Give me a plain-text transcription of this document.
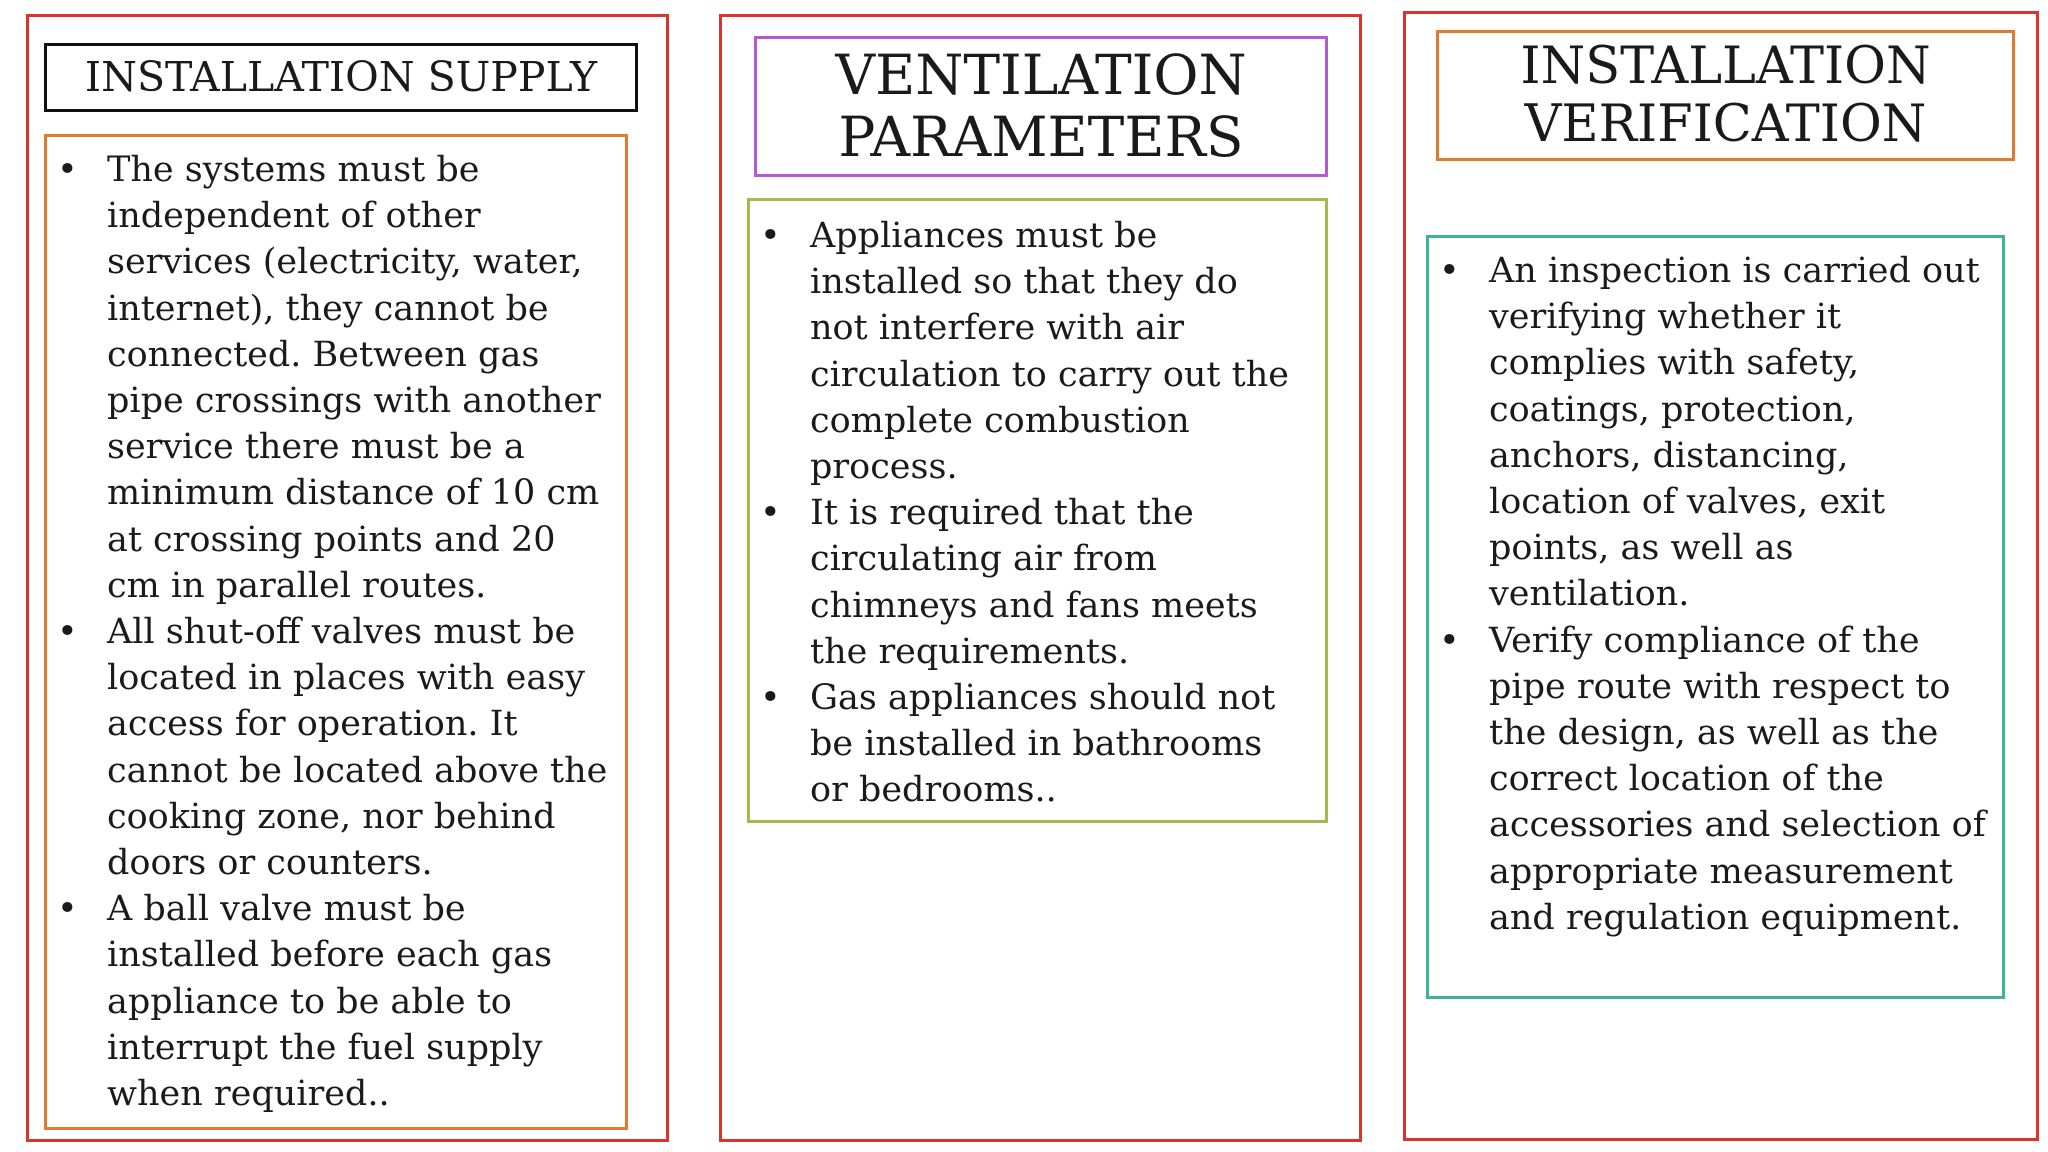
INSTALLATION SUPPLY
• The systems must be
independent of other
services (electricity, water,
internet), they cannot be
connected. Between gas
pipe crossings with another
service there must be a
minimum distance of 10 cm
at crossing points and 20
cm in parallel routes.
• All shut-off valves must be
located in places with easy
access for operation. It
cannot be located above the
cooking zone, nor behind
doors or counters.
• A ball valve must be
installed before each gas
appliance to be able to
interrupt the fuel supply
when required..
VENTILATION
PARAMETERS
• Appliances must be
installed so that they do
not interfere with air
circulation to carry out the
complete combustion
process.
• It is required that the
circulating air from
chimneys and fans meets
the requirements.
• Gas appliances should not
be installed in bathrooms
or bedrooms..
INSTALLATION
VERIFICATION
• An inspection is carried out
verifying whether it
complies with safety,
coatings, protection,
anchors, distancing,
location of valves, exit
points, as well as
ventilation.
• Verify compliance of the
pipe route with respect to
the design, as well as the
correct location of the
accessories and selection of
appropriate measurement
and regulation equipment.
